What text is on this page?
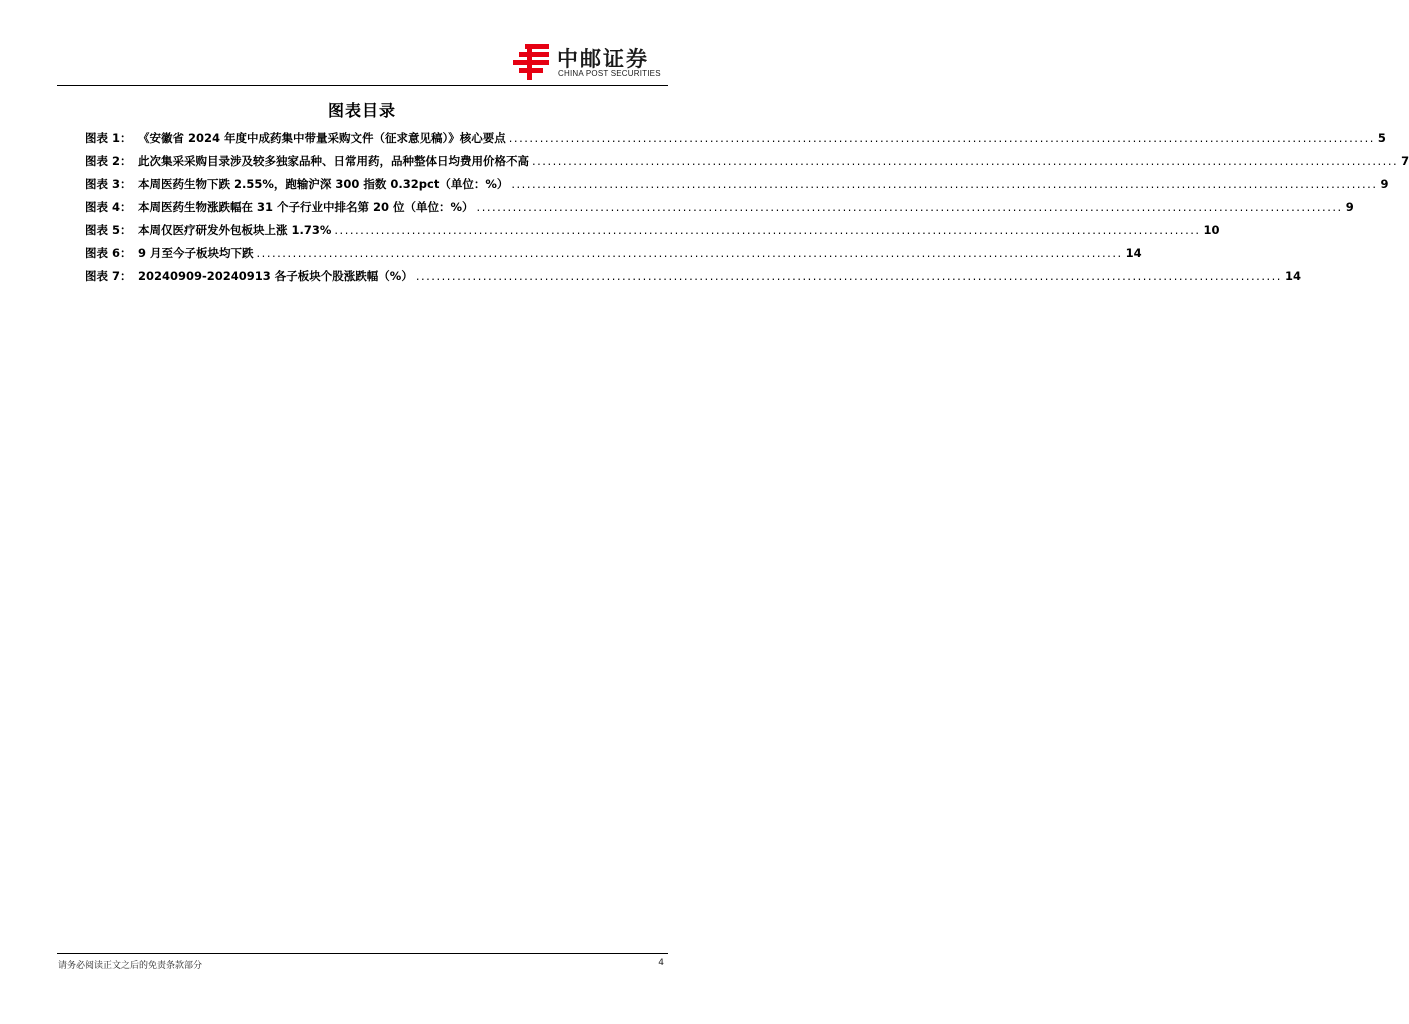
中邮证券
CHINA POST SECURITIES
图表目录
图表 1： 《安徽省 2024 年度中成药集中带量采购文件（征求意见稿）》核心要点 .....	5
图表 2： 此次集采采购目录涉及较多独家品种、日常用药，品种整体日均费用价格不高 .....	7
图表 3： 本周医药生物下跌 2.55%，跑输沪深 300 指数 0.32pct（单位：%） .....	9
图表 4： 本周医药生物涨跌幅在 31 个子行业中排名第 20 位（单位：%） .....	9
图表 5： 本周仅医疗研发外包板块上涨 1.73% .....	10
图表 6： 9 月至今子板块均下跌 .....	14
图表 7： 20240909-20240913 各子板块个股涨跌幅（%） .....	14
请务必阅读正文之后的免责条款部分	4
